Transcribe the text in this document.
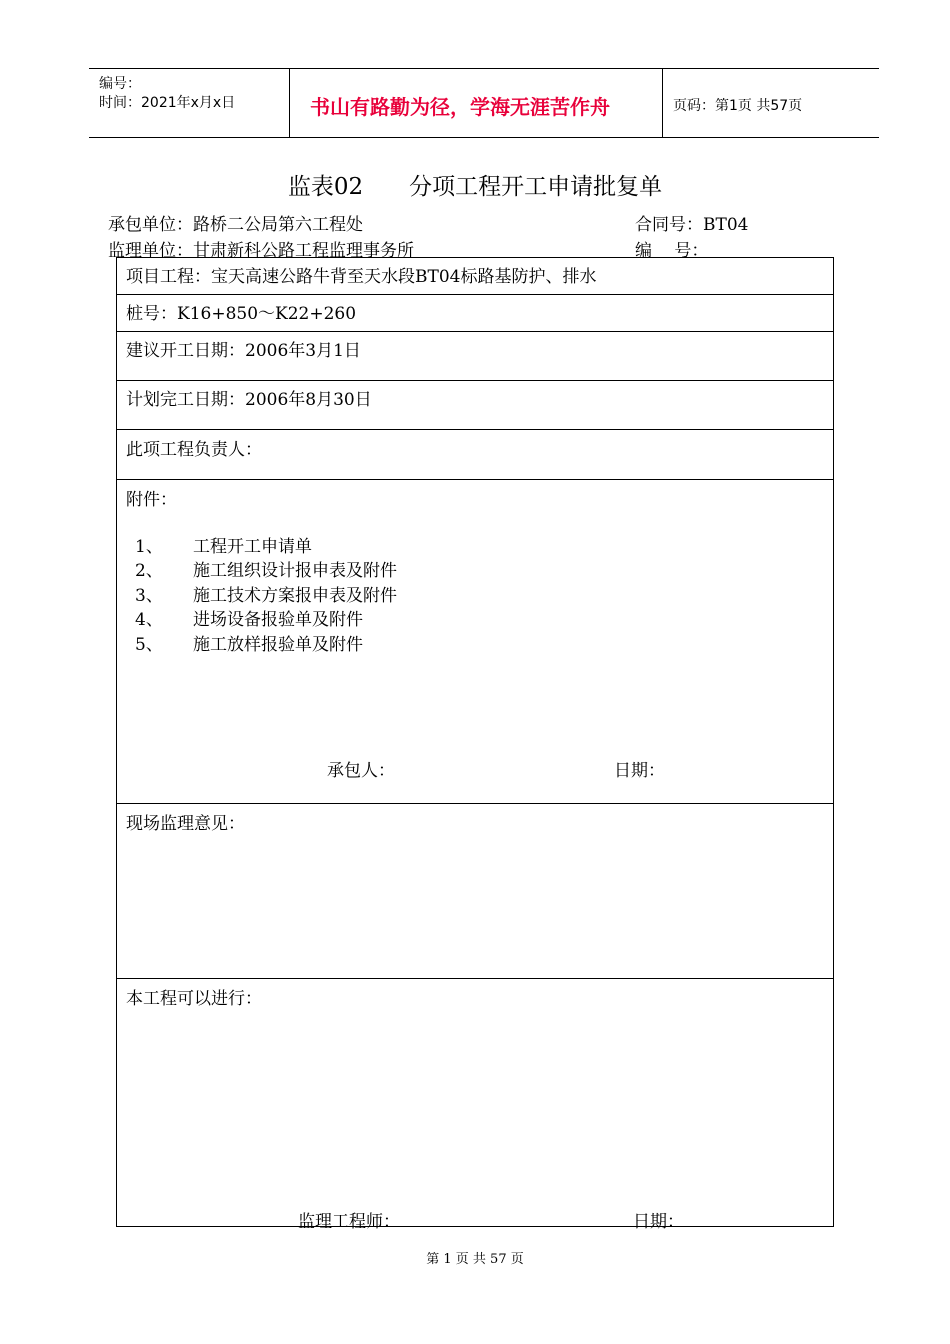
编号：
时间：2021年x月x日	书山有路勤为径，学海无涯苦作舟	页码：第1页 共57页
监表02 分项工程开工申请批复单
承包单位：路桥二公局第六工程处	合同号：BT04
监理单位：甘肃新科公路工程监理事务所	编　 号：
项目工程：宝天高速公路牛背至天水段BT04标路基防护、排水
桩号：K16+850～K22+260
建议开工日期：2006年3月1日
计划完工日期：2006年8月30日
此项工程负责人：
附件：
1、 工程开工申请单
2、 施工组织设计报申表及附件
3、 施工技术方案报申表及附件
4、 进场设备报验单及附件
5、 施工放样报验单及附件
承包人：	日期：
现场监理意见：
本工程可以进行：
监理工程师：	日期：
第 1 页 共 57 页
